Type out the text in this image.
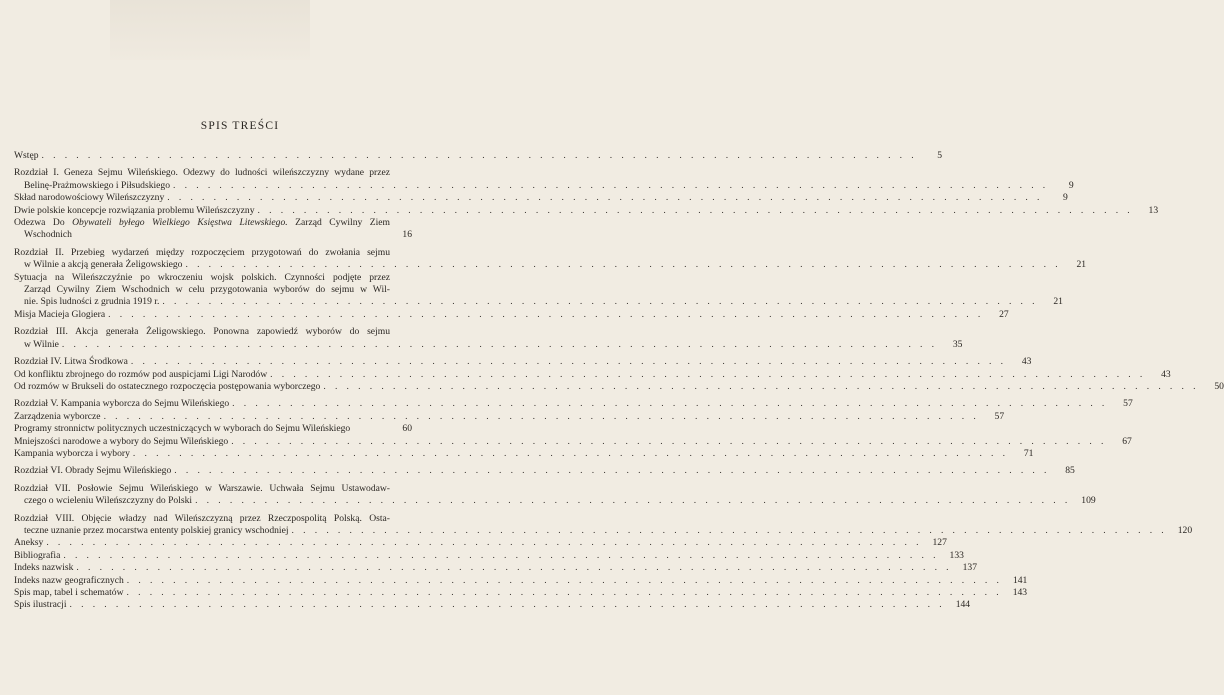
SPIS TREŚCI
Wstęp . . . . . . . . . . . . . . . . . . . . . . . . . . . . . . . . . . . . . . . . . . . . . . . . . . . . . . . . . . . . . . . . . . . . . . . . . . . .	5
Rozdział I. Geneza Sejmu Wileńskiego. Odezwy do ludności wileńszczyzny wydane przez
Belinę-Prażmowskiego i Piłsudskiego . . . . . . . . . . . . . . . . . . . . . . . . . . . . . . . . . . . . . . . . . . . . . . . . . . . . . . . . . . . . . . . . . . . . . . . . . . . .	9
Skład narodowościowy Wileńszczyzny . . . . . . . . . . . . . . . . . . . . . . . . . . . . . . . . . . . . . . . . . . . . . . . . . . . . . . . . . . . . . . . . . . . . . . . . . . . .	9
Dwie polskie koncepcje rozwiązania problemu Wileńszczyzny . . . . . . . . . . . . . . . . . . . . . . . . . . . . . . . . . . . . . . . . . . . . . . . . . . . . . . . . . . . . . . . . . . . . . . . . . . . .	13
Odezwa Do Obywateli byłego Wielkiego Księstwa Litewskiego. Zarząd Cywilny Ziem
Wschodnich	16
Rozdział II. Przebieg wydarzeń między rozpoczęciem przygotowań do zwołania sejmu
w Wilnie a akcją generała Żeligowskiego . . . . . . . . . . . . . . . . . . . . . . . . . . . . . . . . . . . . . . . . . . . . . . . . . . . . . . . . . . . . . . . . . . . . . . . . . . . .	21
Sytuacja na Wileńszczyźnie po wkroczeniu wojsk polskich. Czynności podjęte przez
Zarząd Cywilny Ziem Wschodnich w celu przygotowania wyborów do sejmu w Wil-
nie. Spis ludności z grudnia 1919 r. . . . . . . . . . . . . . . . . . . . . . . . . . . . . . . . . . . . . . . . . . . . . . . . . . . . . . . . . . . . . . . . . . . . . . . . . . . . .	21
Misja Macieja Glogiera . . . . . . . . . . . . . . . . . . . . . . . . . . . . . . . . . . . . . . . . . . . . . . . . . . . . . . . . . . . . . . . . . . . . . . . . . . . .	27
Rozdział III. Akcja generała Żeligowskiego. Ponowna zapowiedź wyborów do sejmu
w Wilnie . . . . . . . . . . . . . . . . . . . . . . . . . . . . . . . . . . . . . . . . . . . . . . . . . . . . . . . . . . . . . . . . . . . . . . . . . . . .	35
Rozdział IV. Litwa Środkowa . . . . . . . . . . . . . . . . . . . . . . . . . . . . . . . . . . . . . . . . . . . . . . . . . . . . . . . . . . . . . . . . . . . . . . . . . . . .	43
Od konfliktu zbrojnego do rozmów pod auspicjami Ligi Narodów . . . . . . . . . . . . . . . . . . . . . . . . . . . . . . . . . . . . . . . . . . . . . . . . . . . . . . . . . . . . . . . . . . . . . . . . . . . .	43
Od rozmów w Brukseli do ostatecznego rozpoczęcia postępowania wyborczego . . . . . . . . . . . . . . . . . . . . . . . . . . . . . . . . . . . . . . . . . . . . . . . . . . . . . . . . . . . . . . . . . . . . . . . . . . . .	50
Rozdział V. Kampania wyborcza do Sejmu Wileńskiego . . . . . . . . . . . . . . . . . . . . . . . . . . . . . . . . . . . . . . . . . . . . . . . . . . . . . . . . . . . . . . . . . . . . . . . . . . . .	57
Zarządzenia wyborcze . . . . . . . . . . . . . . . . . . . . . . . . . . . . . . . . . . . . . . . . . . . . . . . . . . . . . . . . . . . . . . . . . . . . . . . . . . . .	57
Programy stronnictw politycznych uczestniczących w wyborach do Sejmu Wileńskiego	60
Mniejszości narodowe a wybory do Sejmu Wileńskiego . . . . . . . . . . . . . . . . . . . . . . . . . . . . . . . . . . . . . . . . . . . . . . . . . . . . . . . . . . . . . . . . . . . . . . . . . . . .	67
Kampania wyborcza i wybory . . . . . . . . . . . . . . . . . . . . . . . . . . . . . . . . . . . . . . . . . . . . . . . . . . . . . . . . . . . . . . . . . . . . . . . . . . . .	71
Rozdział VI. Obrady Sejmu Wileńskiego . . . . . . . . . . . . . . . . . . . . . . . . . . . . . . . . . . . . . . . . . . . . . . . . . . . . . . . . . . . . . . . . . . . . . . . . . . . .	85
Rozdział VII. Posłowie Sejmu Wileńskiego w Warszawie. Uchwała Sejmu Ustawodaw-
czego o wcieleniu Wileńszczyzny do Polski . . . . . . . . . . . . . . . . . . . . . . . . . . . . . . . . . . . . . . . . . . . . . . . . . . . . . . . . . . . . . . . . . . . . . . . . . . . .	109
Rozdział VIII. Objęcie władzy nad Wileńszczyzną przez Rzeczpospolitą Polską. Osta-
teczne uznanie przez mocarstwa ententy polskiej granicy wschodniej . . . . . . . . . . . . . . . . . . . . . . . . . . . . . . . . . . . . . . . . . . . . . . . . . . . . . . . . . . . . . . . . . . . . . . . . . . . .	120
Aneksy . . . . . . . . . . . . . . . . . . . . . . . . . . . . . . . . . . . . . . . . . . . . . . . . . . . . . . . . . . . . . . . . . . . . . . . . . . . .	127
Bibliografia . . . . . . . . . . . . . . . . . . . . . . . . . . . . . . . . . . . . . . . . . . . . . . . . . . . . . . . . . . . . . . . . . . . . . . . . . . . .	133
Indeks nazwisk . . . . . . . . . . . . . . . . . . . . . . . . . . . . . . . . . . . . . . . . . . . . . . . . . . . . . . . . . . . . . . . . . . . . . . . . . . . .	137
Indeks nazw geograficznych . . . . . . . . . . . . . . . . . . . . . . . . . . . . . . . . . . . . . . . . . . . . . . . . . . . . . . . . . . . . . . . . . . . . . . . . . . . .	141
Spis map, tabel i schematów . . . . . . . . . . . . . . . . . . . . . . . . . . . . . . . . . . . . . . . . . . . . . . . . . . . . . . . . . . . . . . . . . . . . . . . . . . . .	143
Spis ilustracji . . . . . . . . . . . . . . . . . . . . . . . . . . . . . . . . . . . . . . . . . . . . . . . . . . . . . . . . . . . . . . . . . . . . . . . . . . . .	144
